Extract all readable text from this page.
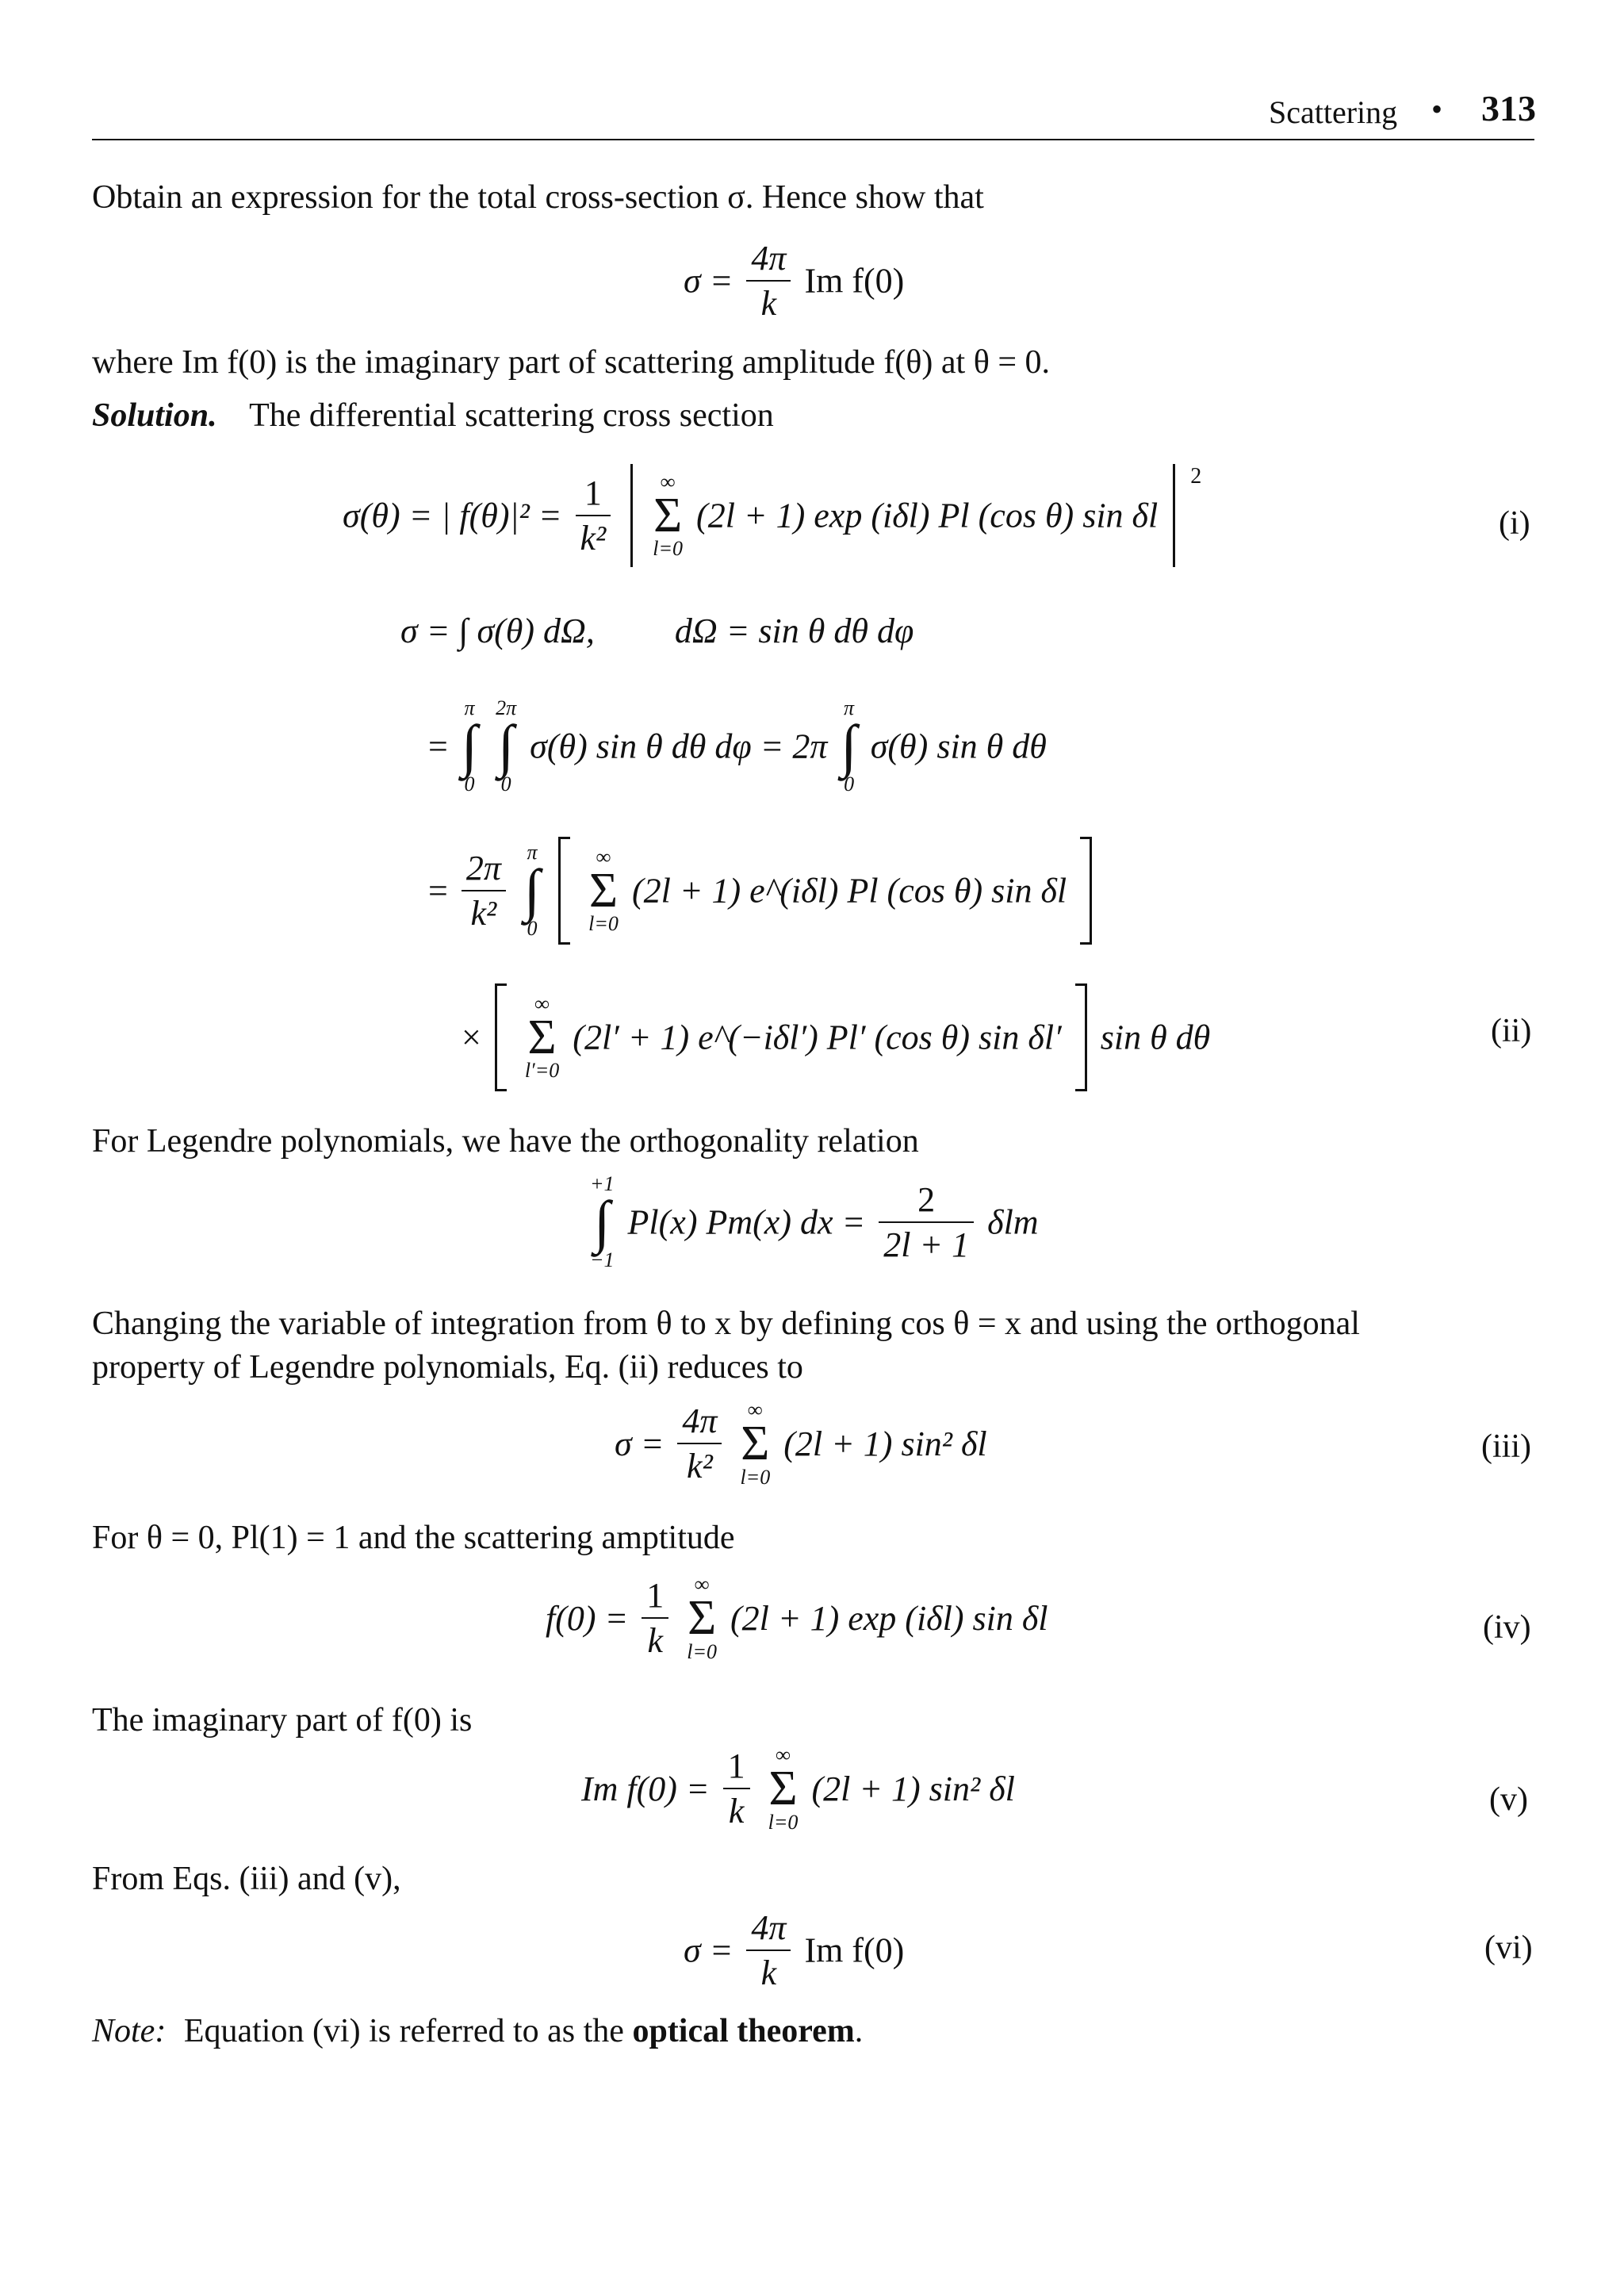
Scattering • 313
Obtain an expression for the total cross-section σ. Hence show that
$\sigma = \frac{4\pi}{k}$ Im f(0)
where Im f(0) is the imaginary part of scattering amplitude f(θ) at θ = 0.
Solution. The differential scattering cross section
σ(θ) = | $f(\theta)|^2 = \frac{1}{\text{k²}}$
	∞
Σ
l=0
(2l + 1) exp (iδl) Pl (cos θ) sin δl  $^2$
(i)
σ = ∫ σ(θ) dΩ, dΩ = sin θ dθ dφ
=
π
∫
0

2π
∫
0
σ(θ) sin θ dθ dφ = 2π
π
∫
0
σ(θ) sin θ dθ
= $\frac{2\pi}{\text{k²}}$
π
∫
0

∞
Σ
l=0
(2l + 1) e^(iδl) Pl (cos θ) sin δl
×
∞
Σ
l′=0
(2l′ + 1) e^(−iδl′) Pl′ (cos θ) sin δl′ sin θ dθ	(ii)
For Legendre polynomials, we have the orthogonality relation
+1
∫
−1
Pl(x) Pm(x) dx = $\frac{2}{2l + 1}$ δlm
Changing the variable of integration from θ to x by defining cos θ = x and using the orthogonal
property of Legendre polynomials, Eq. (ii) reduces to
$\sigma = \frac{4\pi}{\text{k²}}$
	∞
Σ
l=0
(2l + 1) sin² δl	(iii)
For θ = 0, Pl(1) = 1 and the scattering amptitude
$f(0) = \frac{1}{k}$
	∞
Σ
l=0
(2l + 1) exp (iδl) sin δl	(iv)
The imaginary part of f(0) is
Im $f(0) = \frac{1}{k}$
	∞
Σ
l=0
(2l + 1) sin² δl	(v)
From Eqs. (iii) and (v),
$\sigma = \frac{4\pi}{k}$ Im f(0)	(vi)
Note: Equation (vi) is referred to as the optical theorem.
